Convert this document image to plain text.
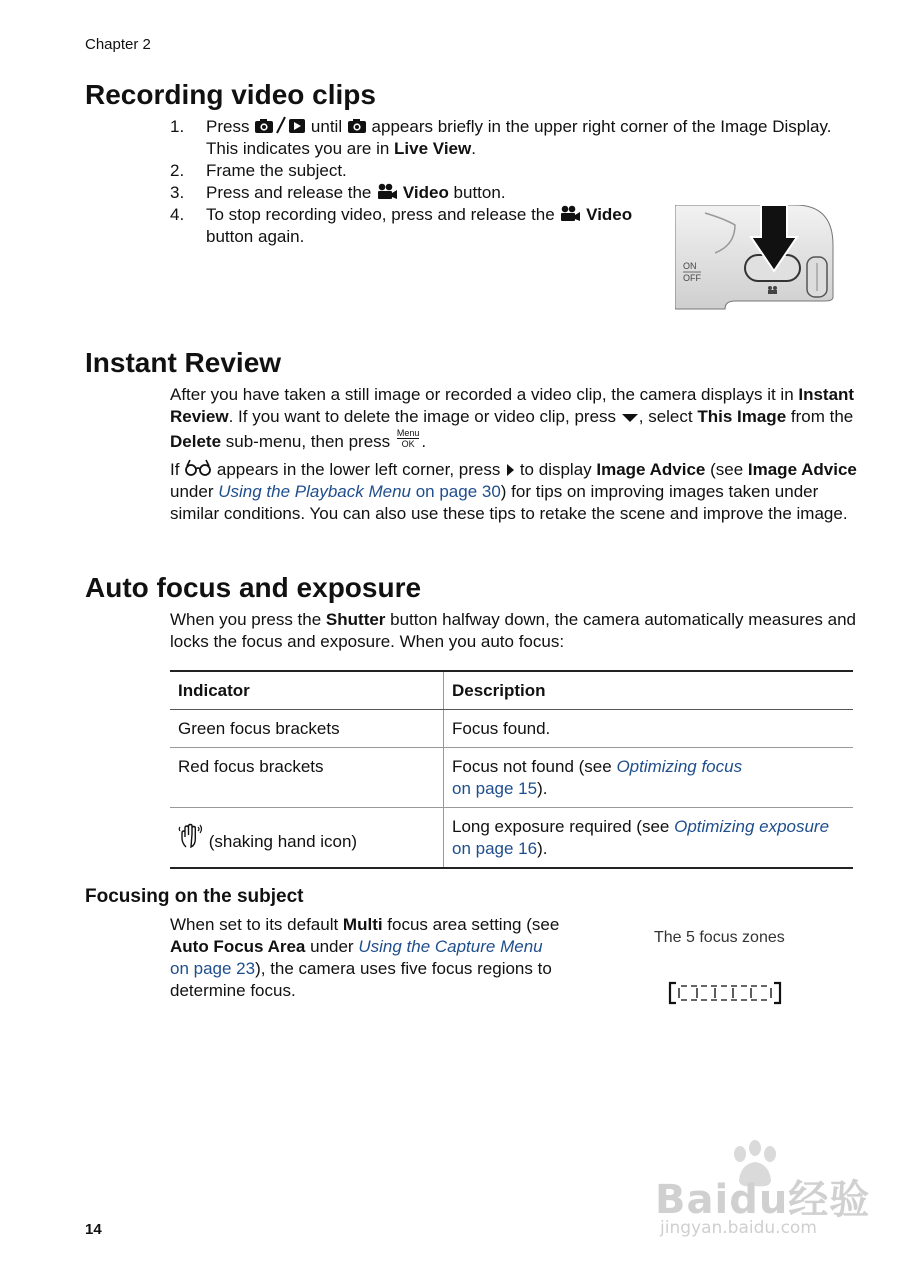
Chapter 2
Recording video clips
1. Press	until  appears briefly in the upper right corner of the Image Display. This indicates you are in Live View.
2. Frame the subject.
3. Press and release the  Video button.
4. To stop recording video, press and release the  Video button again.
ON
OFF
Instant Review
After you have taken a still image or recorded a video clip, the camera displays it in Instant Review. If you want to delete the image or video clip, press , select This Image from the Delete sub-menu, then press Menu
OK .
If  appears in the lower left corner, press  to display Image Advice (see Image Advice under Using the Playback Menu on page 30) for tips on improving images taken under similar conditions. You can also use these tips to retake the scene and improve the image.
Auto focus and exposure
When you press the Shutter button halfway down, the camera automatically measures and locks the focus and exposure. When you auto focus:
Indicator	Description
Green focus brackets	Focus found.
Red focus brackets	Focus not found (see Optimizing focus
on page 15).
(shaking hand icon)	Long exposure required (see Optimizing exposure
on page 16).
Focusing on the subject
When set to its default Multi focus area setting (see Auto Focus Area under Using the Capture Menu
on page 23), the camera uses five focus regions to determine focus.
The 5 focus zones
Baidu经验
jingyan.baidu.com
14
